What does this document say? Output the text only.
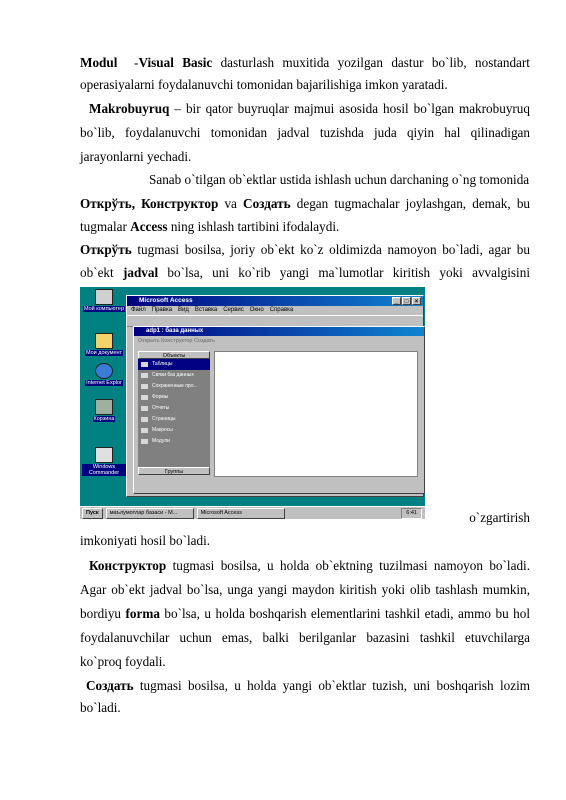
Modul  -Visual Basic dasturlash muxitida yozilgan dastur bo`lib, nostandart
operasiyalarni foydalanuvchi tomonidan bajarilishiga imkon yaratadi.
Makrobuyruq – bir qator buyruqlar majmui asosida hosil bo`lgan makrobuyruq
bo`lib, foydalanuvchi tomonidan jadval tuzishda juda qiyin hal qilinadigan
jarayonlarni yechadi.
Sanab o`tilgan ob`ektlar ustida ishlash uchun darchaning o`ng tomonida
Открўть, Конструктор va Создать degan tugmachalar joylashgan, demak, bu
tugmalar Access ning ishlash tartibini ifodalaydi.
Открўть tugmasi bosilsa, joriy ob`ekt ko`z oldimizda namoyon bo`ladi, agar bu
ob`ekt jadval bo`lsa, uni ko`rib yangi ma`lumotlar kiritish yoki avvalgisini
Мой компьютер
Мои документ
Internet Explor
Корзина
Windows Commander
Microsoft Access	_	□	×
Файл Правка Вид Вставка Сервис Окно Справка
adp1 : база данных
Открыть Конструктор Создать
Объекты
Таблицы
Связи баз данных
Сохраненные про...
Формы
Отчеты
Страницы
Макросы
Модули
Группы
Пуск	маълумотлар базаси - M...	Microsoft Access	6:41	o`zgartirish
imkoniyati hosil bo`ladi.
Конструктор tugmasi bosilsa, u holda ob`ektning tuzilmasi namoyon bo`ladi.
Agar ob`ekt jadval bo`lsa, unga yangi maydon kiritish yoki olib tashlash mumkin,
bordiyu forma bo`lsa, u holda boshqarish elementlarini tashkil etadi, ammo bu hol
foydalanuvchilar uchun emas, balki berilganlar bazasini tashkil etuvchilarga
ko`proq foydali.
Создать tugmasi bosilsa, u holda yangi ob`ektlar tuzish, uni boshqarish lozim
bo`ladi.
